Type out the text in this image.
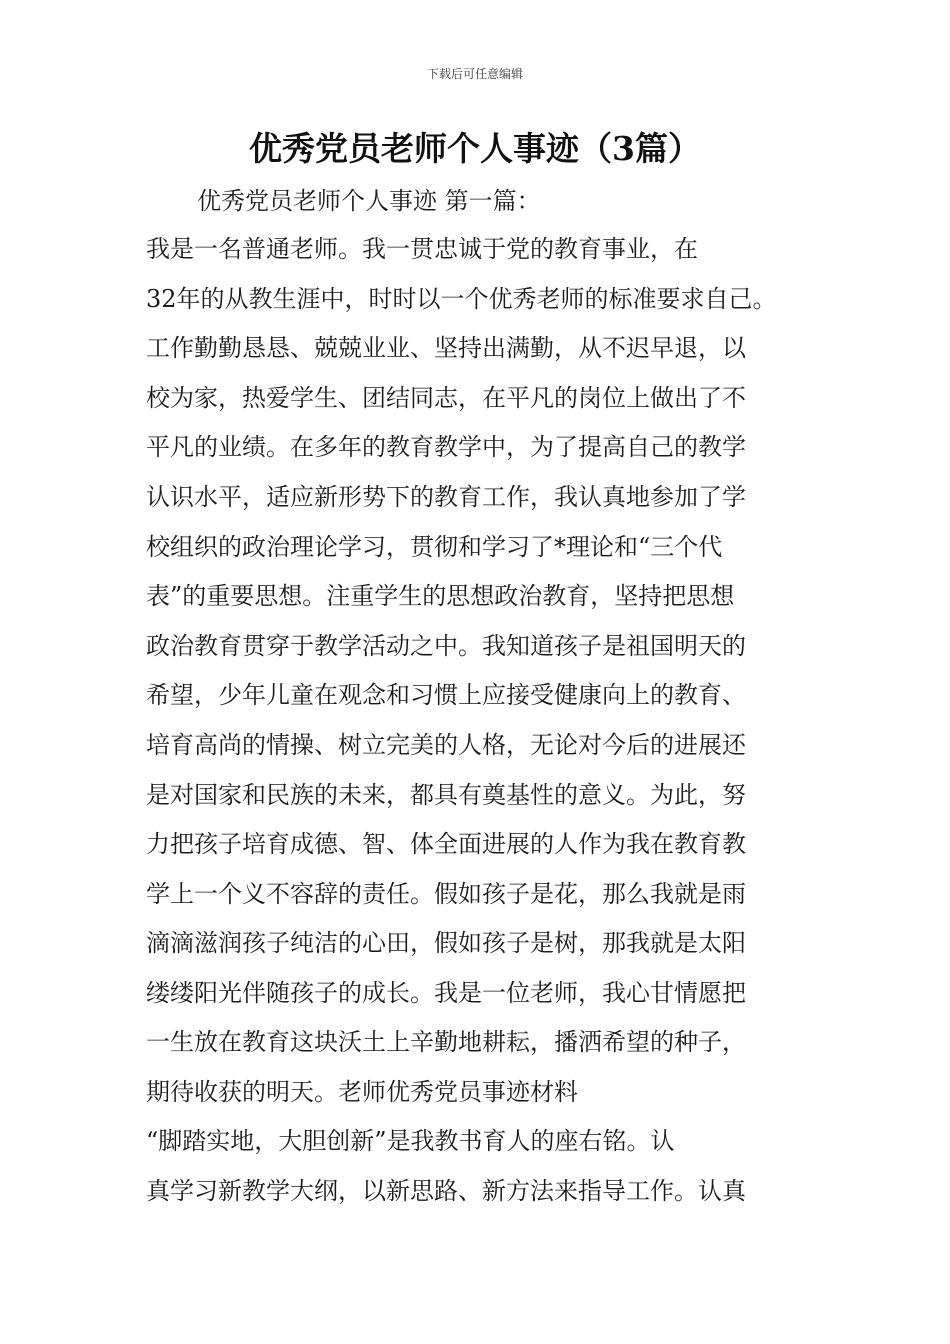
下载后可任意编辑
优秀党员老师个人事迹（3篇）

优秀党员老师个人事迹 第一篇：

我是一名普通老师。我一贯忠诚于党的教育事业，在

32年的从教生涯中，时时以一个优秀老师的标准要求自己。

工作勤勤恳恳、兢兢业业、坚持出满勤，从不迟早退，以

校为家，热爱学生、团结同志，在平凡的岗位上做出了不

平凡的业绩。在多年的教育教学中，为了提高自己的教学

认识水平，适应新形势下的教育工作，我认真地参加了学

校组织的政治理论学习，贯彻和学习了*理论和“三个代

表”的重要思想。注重学生的思想政治教育，坚持把思想

政治教育贯穿于教学活动之中。我知道孩子是祖国明天的

希望，少年儿童在观念和习惯上应接受健康向上的教育、

培育高尚的情操、树立完美的人格，无论对今后的进展还

是对国家和民族的未来，都具有奠基性的意义。为此，努

力把孩子培育成德、智、体全面进展的人作为我在教育教

学上一个义不容辞的责任。假如孩子是花，那么我就是雨

滴滴滋润孩子纯洁的心田，假如孩子是树，那我就是太阳

缕缕阳光伴随孩子的成长。我是一位老师，我心甘情愿把

一生放在教育这块沃土上辛勤地耕耘，播洒希望的种子，

期待收获的明天。老师优秀党员事迹材料

“脚踏实地，大胆创新”是我教书育人的座右铭。认

真学习新教学大纲，以新思路、新方法来指导工作。认真
